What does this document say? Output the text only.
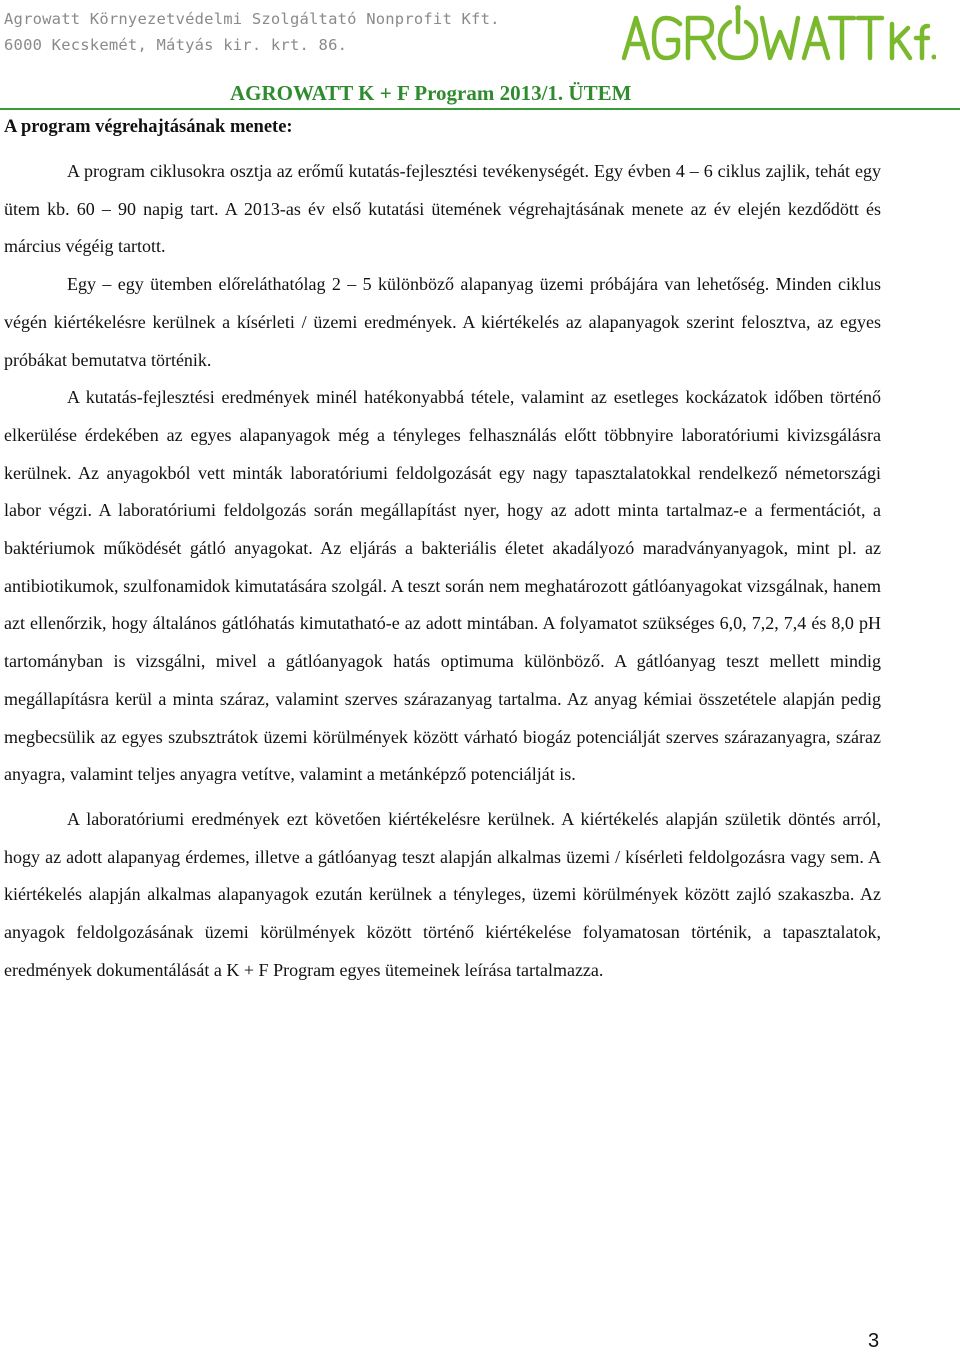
Agrowatt Környezetvédelmi Szolgáltató Nonprofit Kft.
6000 Kecskemét, Mátyás kir. krt. 86.
AGROWATT K + F Program 2013/1. ÜTEM
A program végrehajtásának menete:

A program ciklusokra osztja az erőmű kutatás-fejlesztési tevékenységét. Egy évben 4 – 6 ciklus zajlik, tehát egy ütem kb. 60 – 90 napig tart. A 2013-as év első kutatási ütemének végrehajtásának menete az év elején kezdődött és március végéig tartott.

Egy – egy ütemben előreláthatólag 2 – 5 különböző alapanyag üzemi próbájára van lehetőség. Minden ciklus végén kiértékelésre kerülnek a kísérleti / üzemi eredmények. A kiértékelés az alapanyagok szerint felosztva, az egyes próbákat bemutatva történik.

A kutatás-fejlesztési eredmények minél hatékonyabbá tétele, valamint az esetleges kockázatok időben történő elkerülése érdekében az egyes alapanyagok még a tényleges felhasználás előtt többnyire laboratóriumi kivizsgálásra kerülnek. Az anyagokból vett minták laboratóriumi feldolgozását egy nagy tapasztalatokkal rendelkező németországi labor végzi. A laboratóriumi feldolgozás során megállapítást nyer, hogy az adott minta tartalmaz-e a fermentációt, a baktériumok működését gátló anyagokat. Az eljárás a bakteriális életet akadályozó maradványanyagok, mint pl. az antibiotikumok, szulfonamidok kimutatására szolgál. A teszt során nem meghatározott gátlóanyagokat vizsgálnak, hanem azt ellenőrzik, hogy általános gátlóhatás kimutatható-e az adott mintában. A folyamatot szükséges 6,0, 7,2, 7,4 és 8,0 pH tartományban is vizsgálni, mivel a gátlóanyagok hatás optimuma különböző. A gátlóanyag teszt mellett mindig megállapításra kerül a minta száraz, valamint szerves szárazanyag tartalma. Az anyag kémiai összetétele alapján pedig megbecsülik az egyes szubsztrátok üzemi körülmények között várható biogáz potenciálját szerves szárazanyagra, száraz anyagra, valamint teljes anyagra vetítve, valamint a metánképző potenciálját is.

A laboratóriumi eredmények ezt követően kiértékelésre kerülnek. A kiértékelés alapján születik döntés arról, hogy az adott alapanyag érdemes, illetve a gátlóanyag teszt alapján alkalmas üzemi / kísérleti feldolgozásra vagy sem. A kiértékelés alapján alkalmas alapanyagok ezután kerülnek a tényleges, üzemi körülmények között zajló szakaszba. Az anyagok feldolgozásának üzemi körülmények között történő kiértékelése folyamatosan történik, a tapasztalatok, eredmények dokumentálását a K + F Program egyes ütemeinek leírása tartalmazza.

3
